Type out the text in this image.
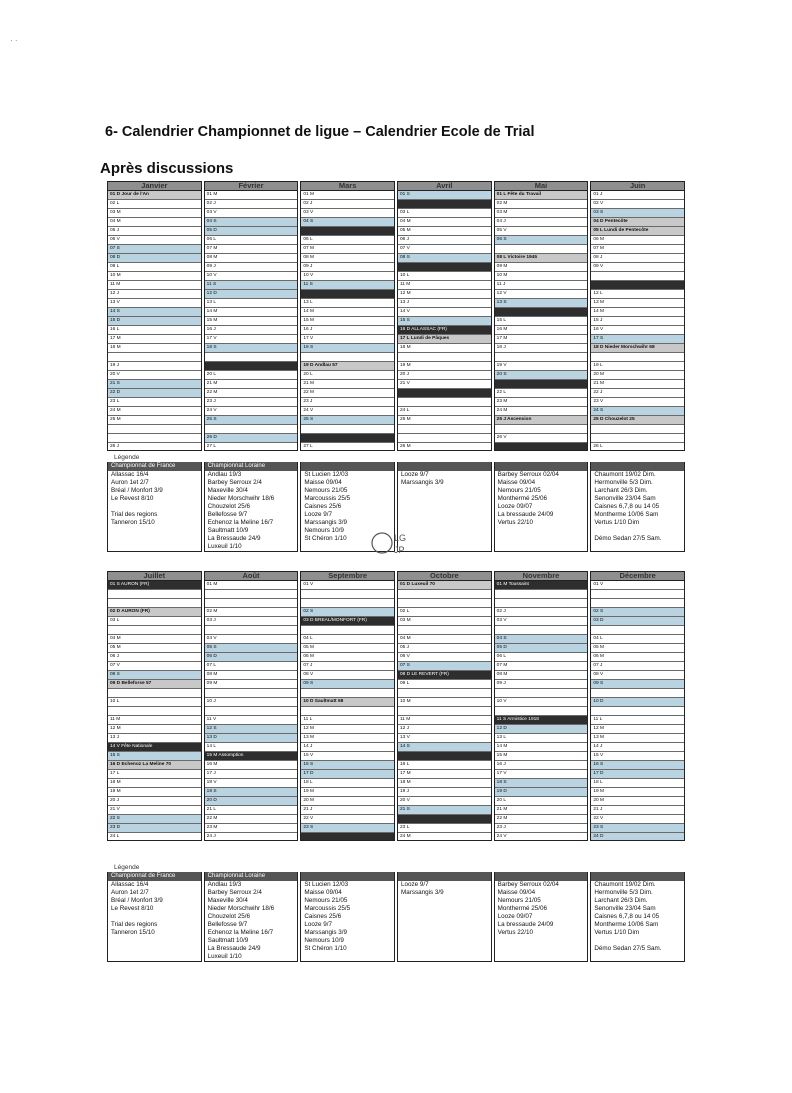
· ·
6- Calendrier Championnet de ligue – Calendrier Ecole de Trial
Après discussions
Janvier
01 D Jour de l'An
02 L
03 M
04 M
05 J
06 V
07 S
08 D
09 L
10 M
11 M
12 J
13 V
14 S
15 D
16 L
17 M
18 M
19 J
20 V
21 S
22 D
23 L
24 M
25 M
26 J
Février
01 M
02 J
03 V
04 S
05 D
06 L
07 M
08 M
09 J
10 V
11 S
12 D
13 L
14 M
15 M
16 J
17 V
18 S
20 L
21 M
22 M
23 J
24 V
25 S
26 D
27 L
Mars
01 M
02 J
03 V
04 S
06 L
07 M
08 M
09 J
10 V
11 S
13 L
14 M
15 M
16 J
17 V
18 S
19 D Andlau 57
20 L
21 M
22 M
23 J
24 V
25 S
27 L
Avril
01 S
03 L
04 M
05 M
06 J
07 V
08 S
10 L
11 M
12 M
13 J
14 V
15 S
16 D ALLASSAC (FR)
17 L Lundi de Pâques
18 M
19 M
20 J
21 V
24 L
25 M
26 M
Mai
01 L Fête du Travail
02 M
03 M
04 J
05 V
06 S
08 L Victoire 1945
09 M
10 M
11 J
12 V
13 S
15 L
16 M
17 M
18 J
19 V
20 S
22 L
23 M
24 M
25 J Ascension
26 V
Juin
01 J
02 V
03 S
04 D Pentecôte
05 L Lundi de Pentecôte
06 M
07 M
08 J
09 V
12 L
13 M
14 M
15 J
16 V
17 S
18 D Nieder Morschwihr 68
19 L
20 M
21 M
22 J
23 V
24 S
25 D Chouzelot 25
26 L

Légende

Championnat de France
Allassac 16/4
Auron 1et 2/7
Bréal / Monfort 3/9
Le Revest 8/10
Trial des regions
Tanneron 15/10
Championnat Loraine
Andlau 19/3
Barbey Serroux 2/4
Maxeville 30/4
Nieder Morschwihr 18/6
Chouzelot 25/6
Bellefosse 9/7
Echenoz la Meline 16/7
Saultmatt 10/9
La Bressaude 24/9
Luxeuil 1/10
St Lucien 12/03
Maisse 09/04
Nemours 21/05
Marcoussis 25/5
Caisnes 25/6
Looze 9/7
Marssangis 3/9
Nemours 10/9
St Chéron 1/10
Looze 9/7
Marssangis 3/9
Barbey Serroux 02/04
Maisse 09/04
Nemours 21/05
Monthermé 25/06
Looze 09/07
La bressaude 24/09
Vertus 22/10
Chaumont 19/02 Dim.
Hermonville 5/3 Dim.
Larchant 26/3 Dim.
Senonville 23/04 Sam
Caisnes 6,7,8 ou 14 05
Montherme 10/06 Sam
Vertus 1/10 Dim
Démo Sedan 27/5 Sam.
LG
JP
Juillet
01 S AURON (FR)
02 D AURON (FR)
03 L
04 M
05 M
06 J
07 V
08 S
09 D Belleforse 57
10 L
11 M
12 M
13 J
14 V Fête Nationale
15 S
16 D Echenoz La Meline 70
17 L
18 M
19 M
20 J
21 V
22 S
23 D
24 L
Août
01 M
02 M
03 J
04 V
05 S
06 D
07 L
08 M
09 M
10 J
11 V
12 S
13 D
14 L
15 M Assomption
16 M
17 J
18 V
19 S
20 D
21 L
22 M
23 M
24 J
Septembre
01 V
02 S
03 D BREAL/MONFORT (FR)
04 L
05 M
06 M
07 J
08 V
09 S
10 D Saultmatt 68
11 L
12 M
13 M
14 J
15 V
16 S
17 D
18 L
19 M
20 M
21 J
22 V
23 S
Octobre
01 D Luxeuil 70
02 L
03 M
04 M
05 J
06 V
07 S
08 D LE REVERT (FR)
09 L
10 M
11 M
12 J
13 V
14 S
16 L
17 M
18 M
19 J
20 V
21 S
23 L
24 M
Novembre
01 M Toussaint
02 J
03 V
04 S
05 D
06 L
07 M
08 M
09 J
10 V
11 S Armistice 1918
12 D
13 L
14 M
15 M
16 J
17 V
18 S
19 D
20 L
21 M
22 M
23 J
24 V
Décembre
01 V
02 S
03 D
04 L
05 M
06 M
07 J
08 V
09 S
10 D
11 L
12 M
13 M
14 J
15 V
16 S
17 D
18 L
19 M
20 M
21 J
22 V
23 S
24 D

Légende

Championnat de France
Allassac 16/4
Auron 1et 2/7
Bréal / Monfort 3/9
Le Revest 8/10
Trial des regions
Tanneron 15/10
Championnat Loraine
Andlau 19/3
Barbey Serroux 2/4
Maxeville 30/4
Nieder Morschwihr 18/6
Chouzelot 25/6
Bellefosse 9/7
Echenoz la Meline 16/7
Saultmatt 10/9
La Bressaude 24/9
Luxeuil 1/10
St Lucien 12/03
Maisse 09/04
Nemours 21/05
Marcoussis 25/5
Caisnes 25/6
Looze 9/7
Marssangis 3/9
Nemours 10/9
St Chéron 1/10
Looze 9/7
Marssangis 3/9
Barbey Serroux 02/04
Maisse 09/04
Nemours 21/05
Monthermé 25/06
Looze 09/07
La bressaude 24/09
Vertus 22/10
Chaumont 19/02 Dim.
Hermonville 5/3 Dim.
Larchant 26/3 Dim.
Senonville 23/04 Sam
Caisnes 6,7,8 ou 14 05
Montherme 10/06 Sam
Vertus 1/10 Dim
Démo Sedan 27/5 Sam.
